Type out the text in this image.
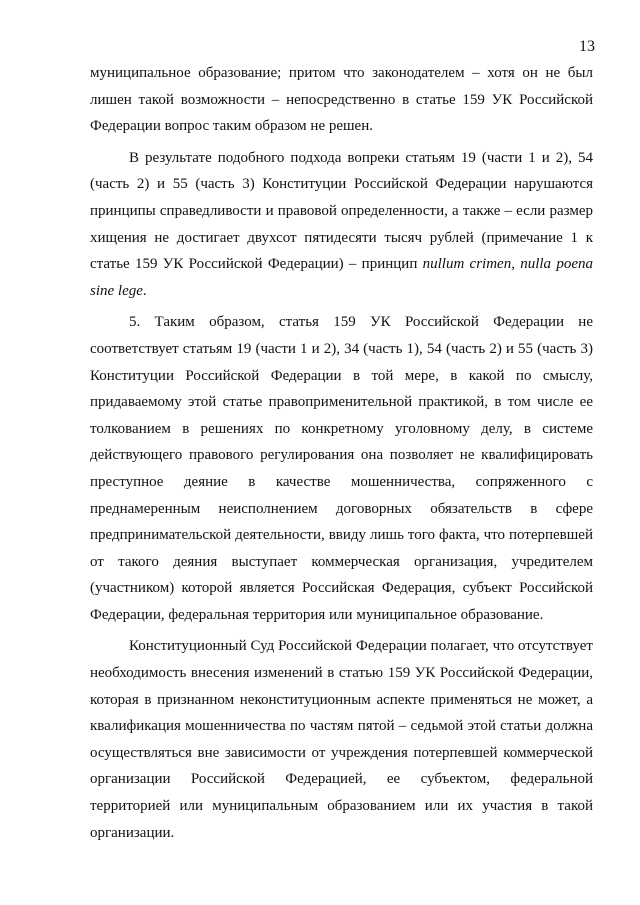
13

муниципальное образование; притом что законодателем – хотя он не был лишен такой возможности – непосредственно в статье 159 УК Российской Федерации вопрос таким образом не решен.

В результате подобного подхода вопреки статьям 19 (части 1 и 2), 54 (часть 2) и 55 (часть 3) Конституции Российской Федерации нарушаются принципы справедливости и правовой определенности, а также – если размер хищения не достигает двухсот пятидесяти тысяч рублей (примечание 1 к статье 159 УК Российской Федерации) – принцип nullum crimen, nulla poena sine lege.

5. Таким образом, статья 159 УК Российской Федерации не соответствует статьям 19 (части 1 и 2), 34 (часть 1), 54 (часть 2) и 55 (часть 3) Конституции Российской Федерации в той мере, в какой по смыслу, придаваемому этой статье правоприменительной практикой, в том числе ее толкованием в решениях по конкретному уголовному делу, в системе действующего правового регулирования она позволяет не квалифицировать преступное деяние в качестве мошенничества, сопряженного с преднамеренным неисполнением договорных обязательств в сфере предпринимательской деятельности, ввиду лишь того факта, что потерпевшей от такого деяния выступает коммерческая организация, учредителем (участником) которой является Российская Федерация, субъект Российской Федерации, федеральная территория или муниципальное образование.

Конституционный Суд Российской Федерации полагает, что отсутствует необходимость внесения изменений в статью 159 УК Российской Федерации, которая в признанном неконституционным аспекте применяться не может, а квалификация мошенничества по частям пятой – седьмой этой статьи должна осуществляться вне зависимости от учреждения потерпевшей коммерческой организации Российской Федерацией, ее субъектом, федеральной территорией или муниципальным образованием или их участия в такой организации.
